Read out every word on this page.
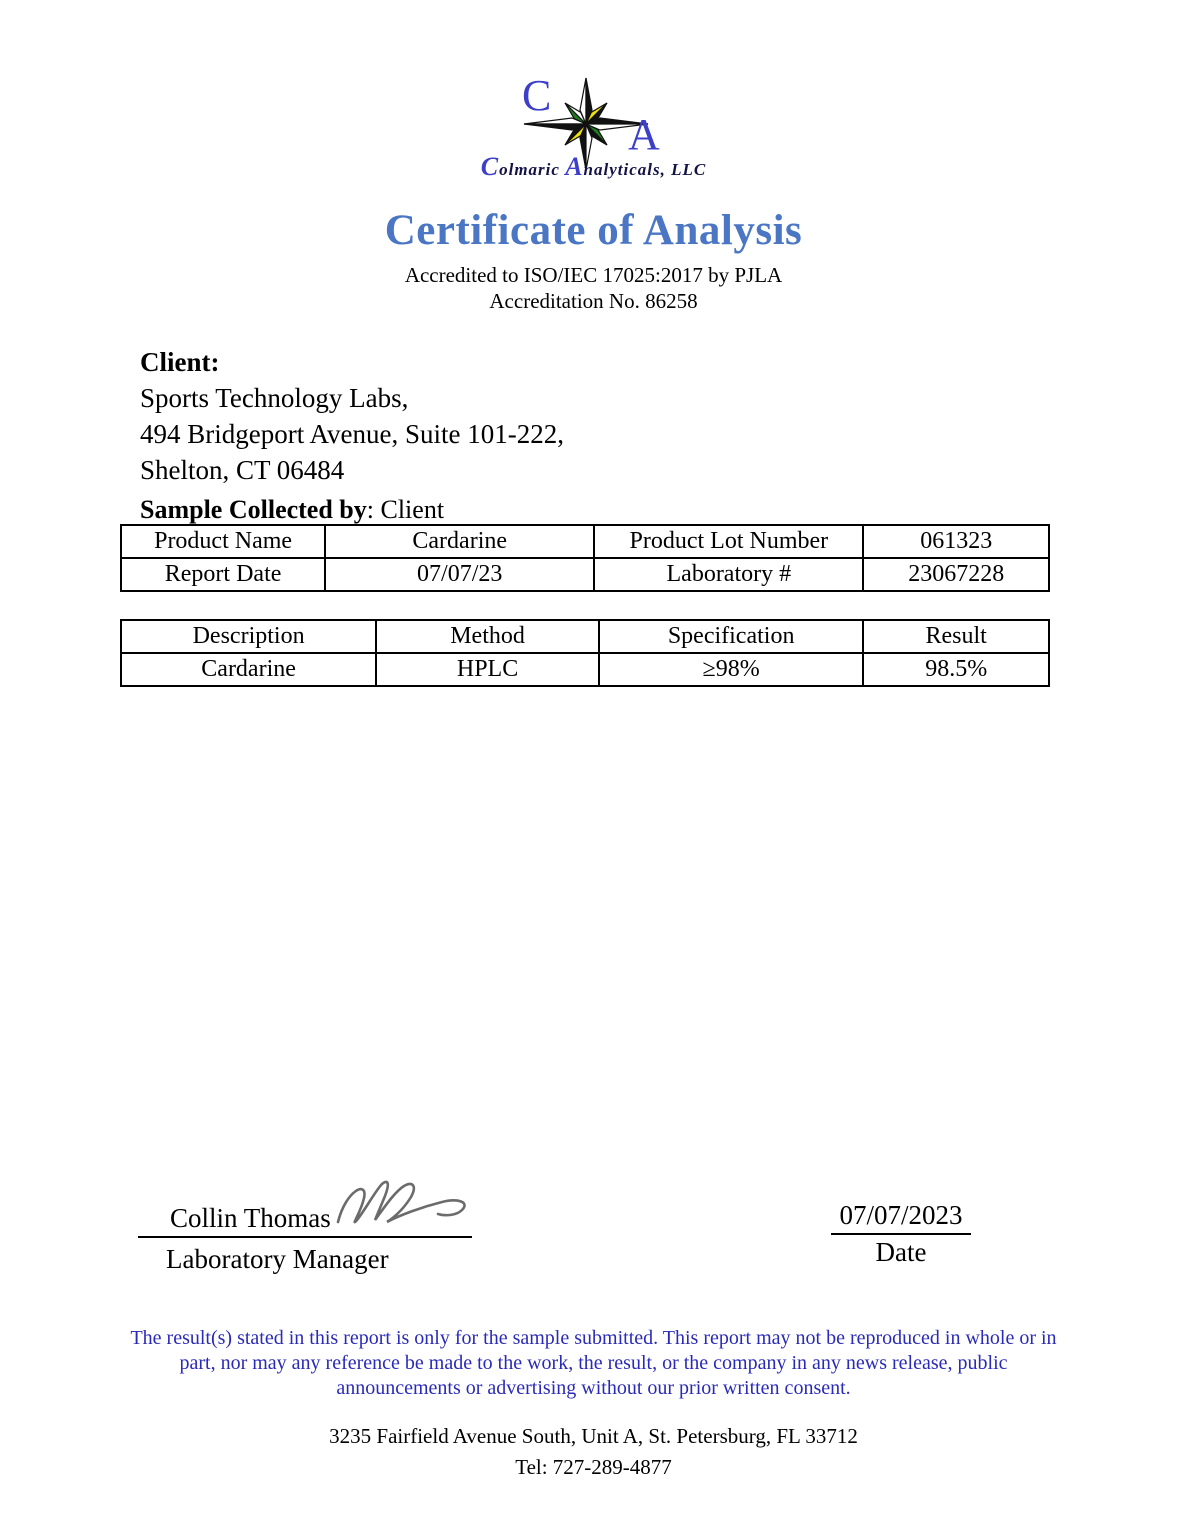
C
A
Colmaric Analyticals, LLC
Certificate of Analysis
Accredited to ISO/IEC 17025:2017 by PJLA
Accreditation No. 86258
Client:
Sports Technology Labs,
494 Bridgeport Avenue, Suite 101-222,
Shelton, CT 06484
Sample Collected by: Client
Product Name	Cardarine	Product Lot Number	061323
Report Date	07/07/23	Laboratory #	23067228
Description	Method	Specification	Result
Cardarine	HPLC	≥98%	98.5%
Collin Thomas
Laboratory Manager
07/07/2023
Date
The result(s) stated in this report is only for the sample submitted. This report may not be reproduced in whole or in part, nor may any reference be made to the work, the result, or the company in any news release, public announcements or advertising without our prior written consent.
3235 Fairfield Avenue South, Unit A, St. Petersburg, FL 33712
Tel: 727-289-4877
